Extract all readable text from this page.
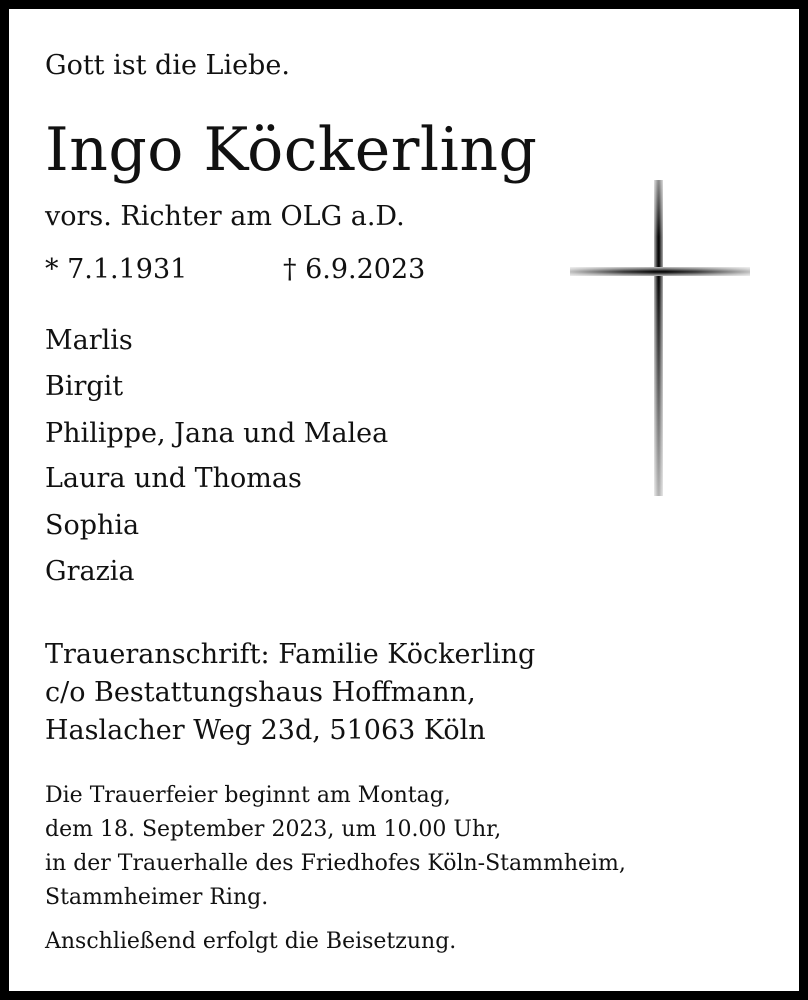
Gott ist die Liebe.

Ingo Köckerling

vors. Richter am OLG a.D.

* 7.1.1931	† 6.9.2023

Marlis

Birgit

Philippe, Jana und Malea

Laura und Thomas

Sophia

Grazia

Traueranschrift: Familie Köckerling

c/o Bestattungshaus Hoffmann,

Haslacher Weg 23d, 51063 Köln

Die Trauerfeier beginnt am Montag,

dem 18. September 2023, um 10.00 Uhr,

in der Trauerhalle des Friedhofes Köln-Stammheim,

Stammheimer Ring.

Anschließend erfolgt die Beisetzung.
